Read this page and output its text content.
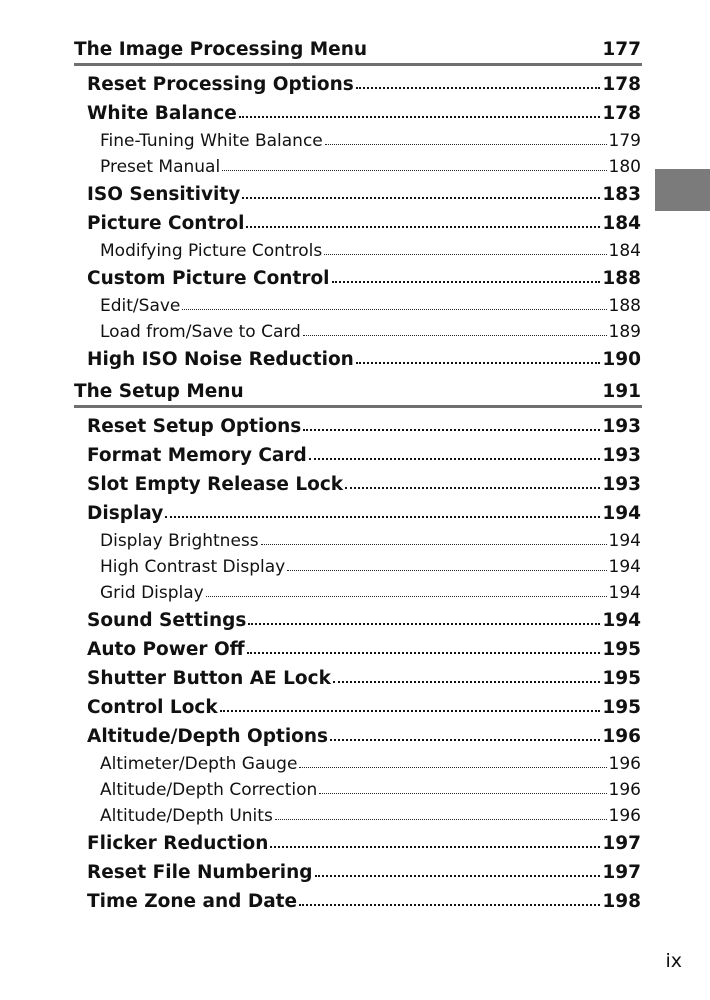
The Image Processing Menu	177
Reset Processing Options	178
White Balance	178
Fine-Tuning White Balance	179
Preset Manual	180
ISO Sensitivity	183
Picture Control	184
Modifying Picture Controls	184
Custom Picture Control	188
Edit/Save	188
Load from/Save to Card	189
High ISO Noise Reduction	190
The Setup Menu	191
Reset Setup Options	193
Format Memory Card	193
Slot Empty Release Lock	193
Display	194
Display Brightness	194
High Contrast Display	194
Grid Display	194
Sound Settings	194
Auto Power Off	195
Shutter Button AE Lock	195
Control Lock	195
Altitude/Depth Options	196
Altimeter/Depth Gauge	196
Altitude/Depth Correction	196
Altitude/Depth Units	196
Flicker Reduction	197
Reset File Numbering	197
Time Zone and Date	198
ix
